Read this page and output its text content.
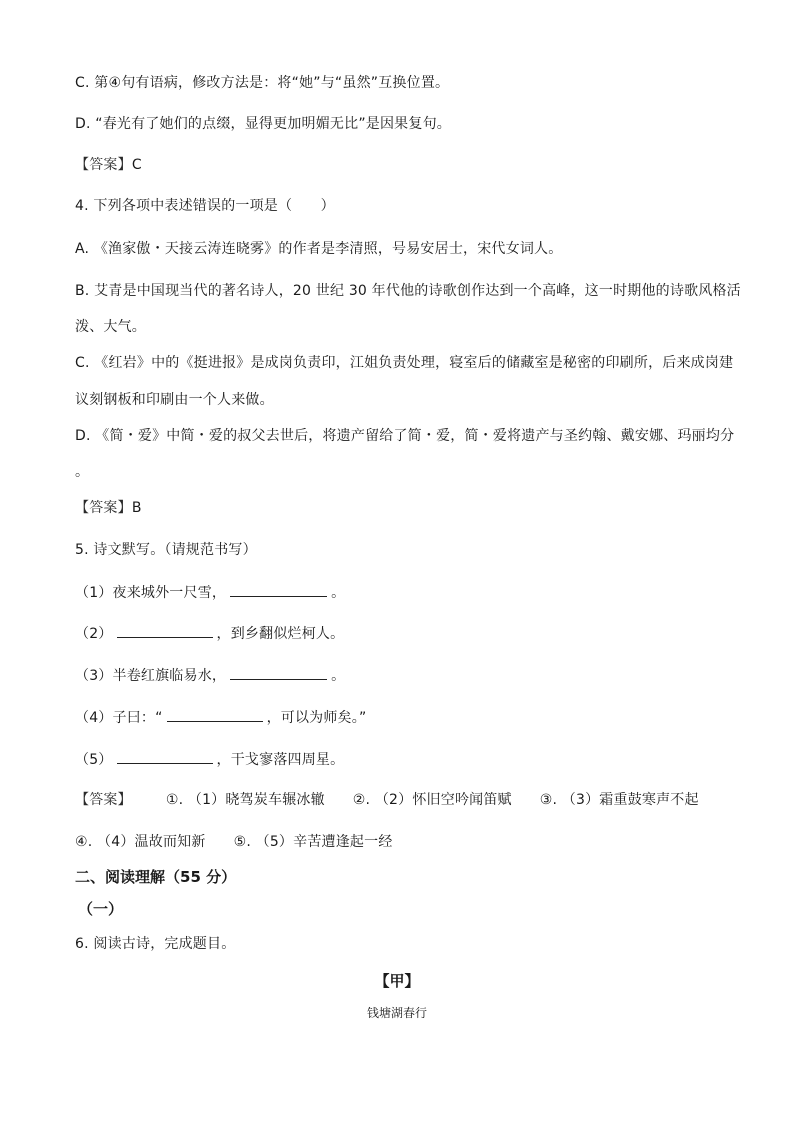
C. 第④句有语病，修改方法是：将“她”与“虽然”互换位置。
D. “春光有了她们的点缀，显得更加明媚无比”是因果复句。
【答案】C
4. 下列各项中表述错误的一项是（　　）
A. 《渔家傲・天接云涛连晓雾》的作者是李清照，号易安居士，宋代女词人。
B. 艾青是中国现当代的著名诗人，20 世纪 30 年代他的诗歌创作达到一个高峰，这一时期他的诗歌风格活
泼、大气。
C. 《红岩》中的《挺进报》是成岗负责印，江姐负责处理，寝室后的储藏室是秘密的印刷所，后来成岗建
议刻钢板和印刷由一个人来做。
D. 《简・爱》中简・爱的叔父去世后，将遗产留给了简・爱，简・爱将遗产与圣约翰、戴安娜、玛丽均分
。
【答案】B
5. 诗文默写。（请规范书写）
（1）夜来城外一尺雪，	。
（2）	，到乡翻似烂柯人。
（3）半卷红旗临易水，	。
（4）子曰：“	，可以为师矣。”
（5）	，干戈寥落四周星。
【答案】 ①. （1）晓驾炭车辗冰辙 ②. （2）怀旧空吟闻笛赋 ③. （3）霜重鼓寒声不起
④. （4）温故而知新 ⑤. （5）辛苦遭逢起一经
二、阅读理解（55 分）
（一）
6. 阅读古诗，完成题目。
【甲】
钱塘湖春行
